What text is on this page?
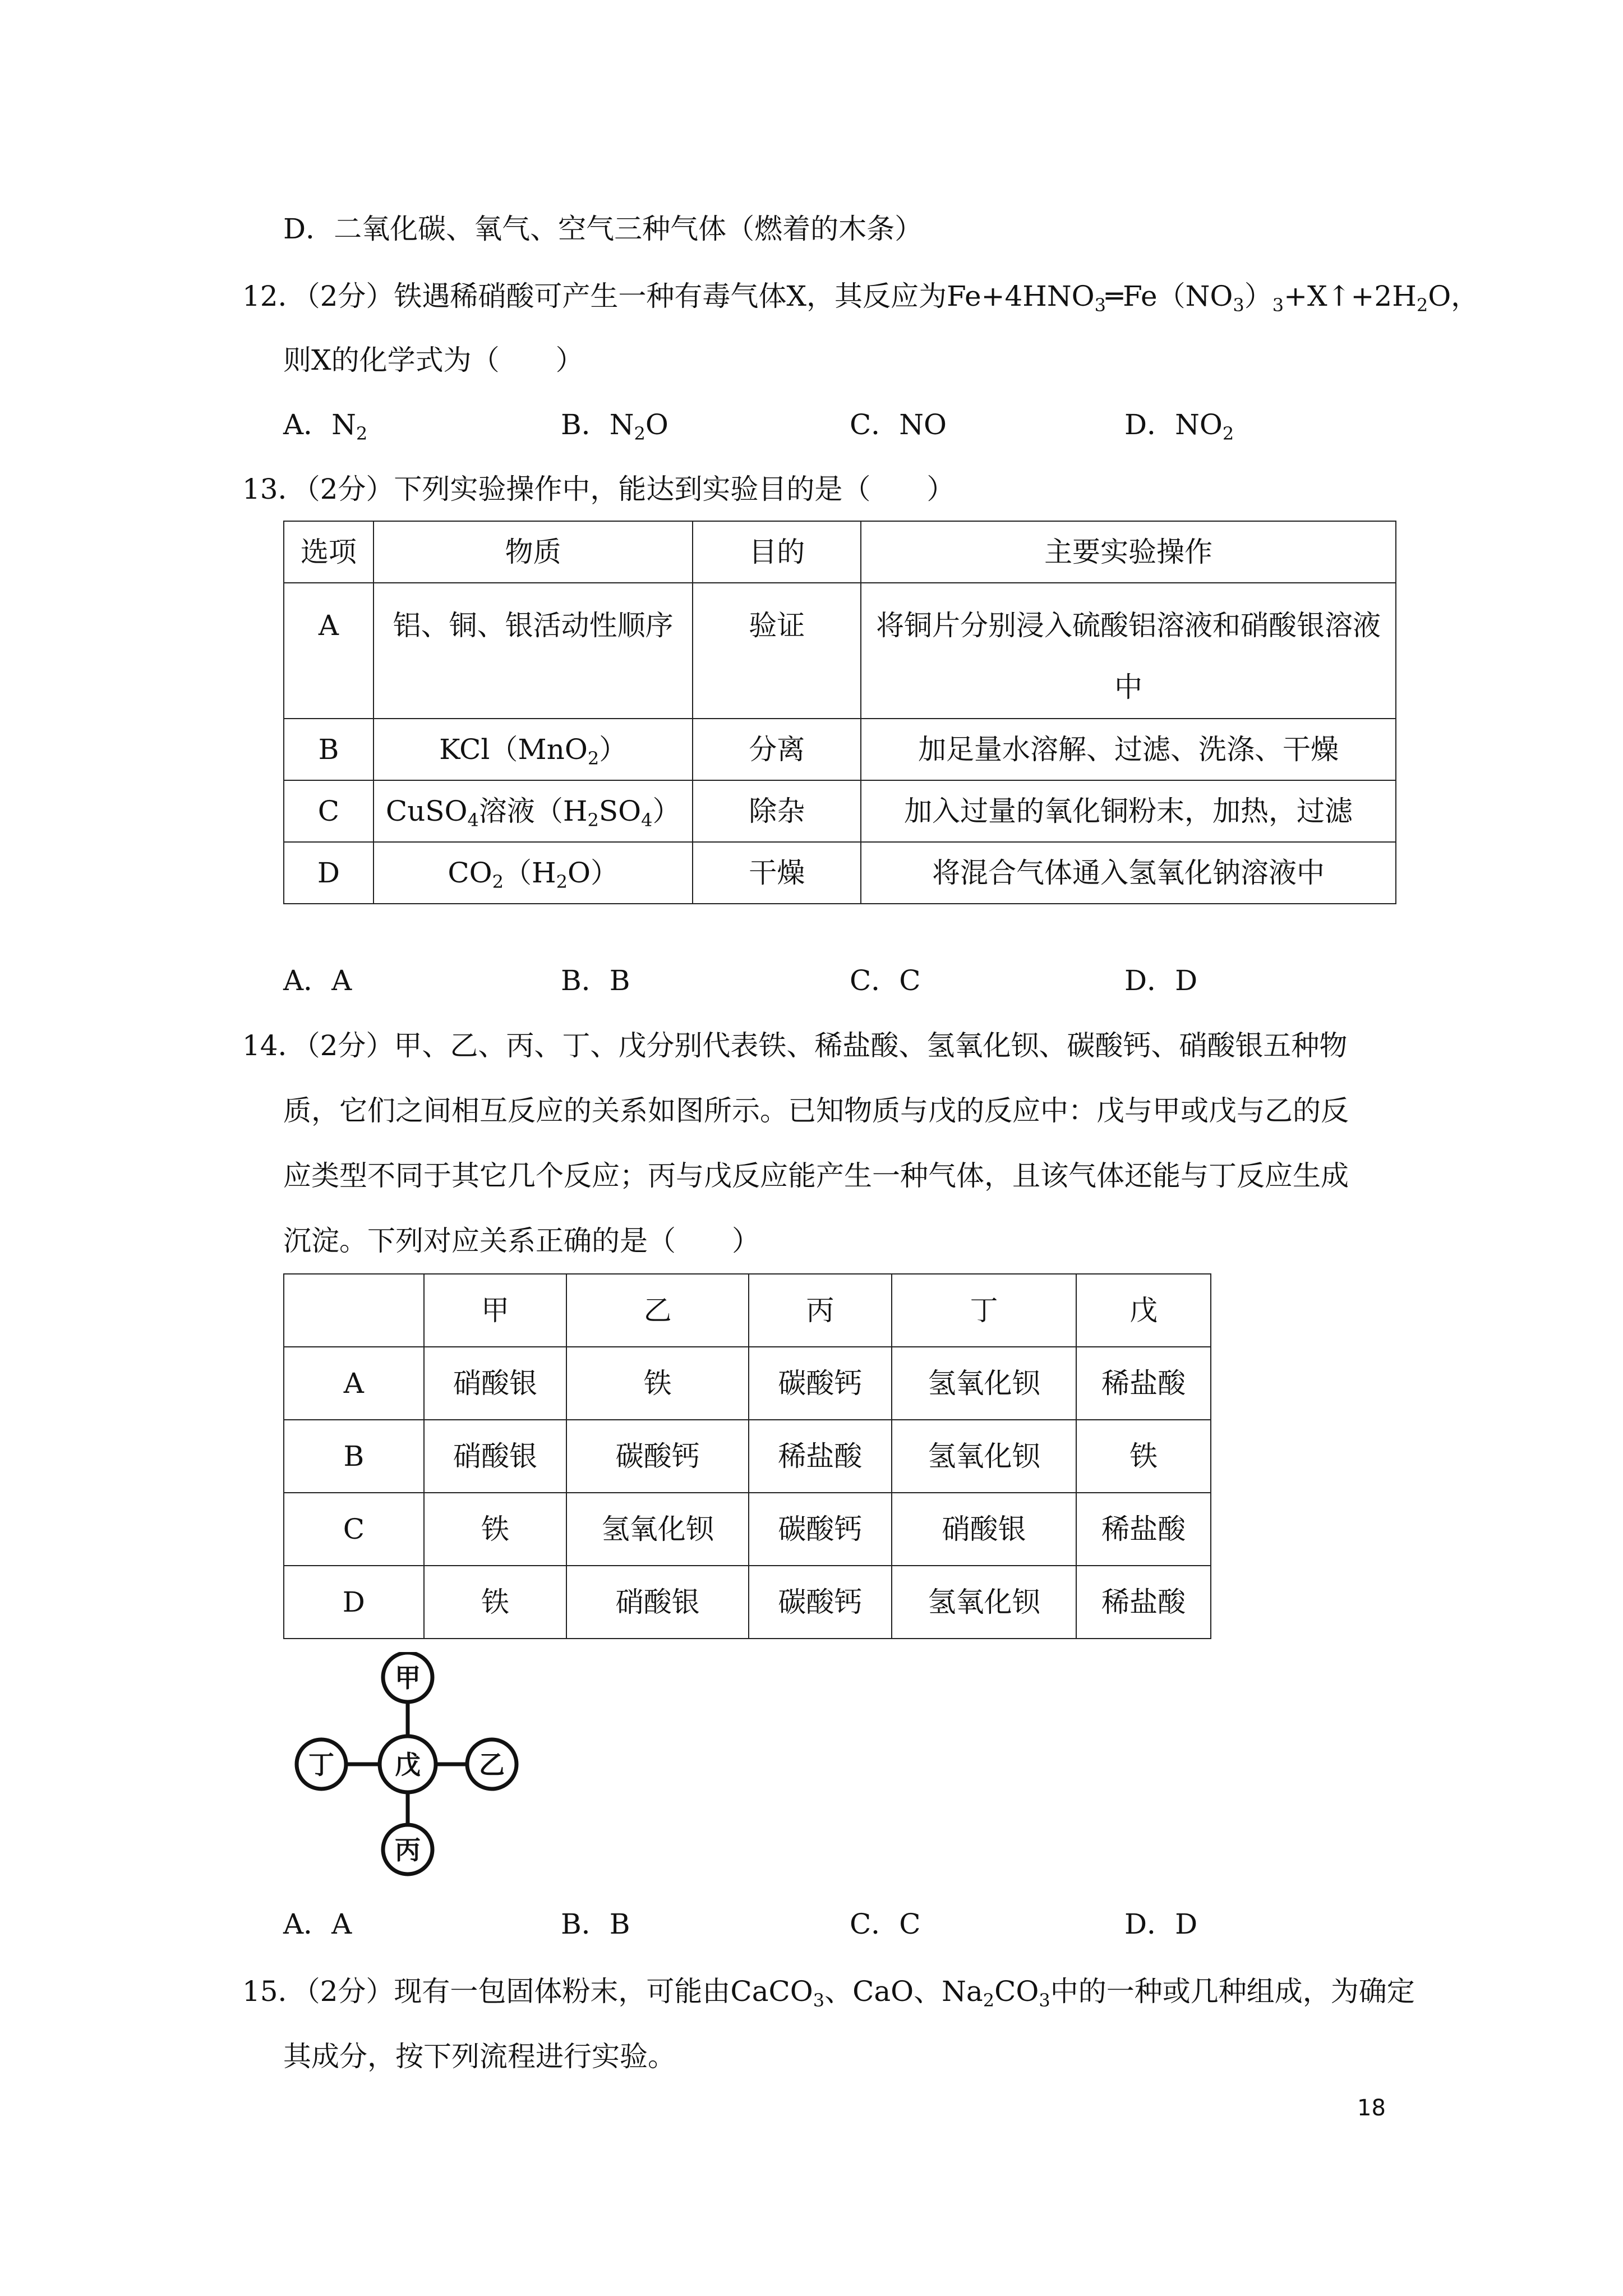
D．二氧化碳、氧气、空气三种气体（燃着的木条）
12．（2分）铁遇稀硝酸可产生一种有毒气体X，其反应为$Fe+4HNO_3═Fe(NO_3)_3+X↑+2H_2O$，
则X的化学式为（　　）
A．$N_2$	B．$N_2O$	C．NO	D．$NO_2$
13．（2分）下列实验操作中，能达到实验目的是（　　）
选项	物质	目的	主要实验操作
A	铝、铜、银活动性顺序	验证	将铜片分别浸入硫酸铝溶液和硝酸银溶液
中

B	KCl（MnO$_2$）	分离	加足量水溶解、过滤、洗涤、干燥
C	CuSO$_4$溶液$(H_2SO_4)$	除杂	加入过量的氧化铜粉末，加热，过滤
D	$CO_2(H_2O)$	干燥	将混合气体通入氢氧化钠溶液中
A．A	B．B	C．C	D．D
14．（2分）甲、乙、丙、丁、戊分别代表铁、稀盐酸、氢氧化钡、碳酸钙、硝酸银五种物
质，它们之间相互反应的关系如图所示。已知物质与戊的反应中：戊与甲或戊与乙的反
应类型不同于其它几个反应；丙与戊反应能产生一种气体，且该气体还能与丁反应生成
沉淀。下列对应关系正确的是（　　）
	甲	乙	丙	丁	戊
A	硝酸银	铁	碳酸钙	氢氧化钡	稀盐酸
B	硝酸银	碳酸钙	稀盐酸	氢氧化钡	铁
C	铁	氢氧化钡	碳酸钙	硝酸银	稀盐酸
D	铁	硝酸银	碳酸钙	氢氧化钡	稀盐酸
甲
戊
丁	乙
丙
A．A	B．B	C．C	D．D
15．（2分）现有一包固体粉末，可能由CaCO$_3$、CaO、$Na_2CO_3$中的一种或几种组成，为确定
其成分，按下列流程进行实验。
18
